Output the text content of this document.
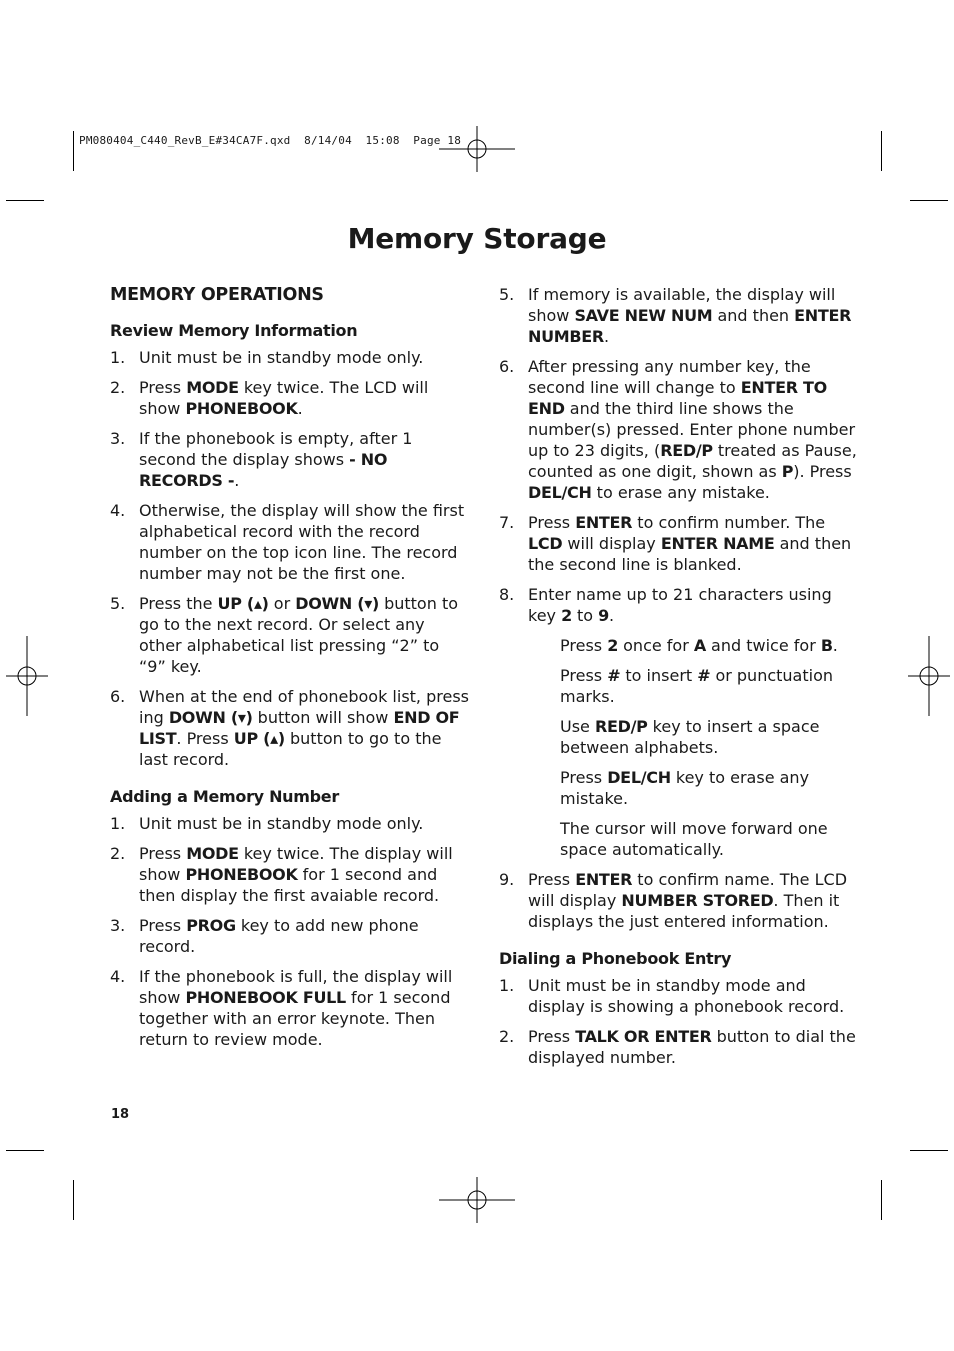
PM080404_C440_RevB_E#34CA7F.qxd  8/14/04  15:08  Page 18
Memory Storage
MEMORY OPERATIONS
Review Memory Information
1. Unit must be in standby mode only.
2. Press MODE key twice. The LCD will show PHONEBOOK.
3. If the phonebook is empty, after 1 second the display shows - NO RECORDS -.
4. Otherwise, the display will show the first alphabetical record with the record number on the top icon line. The record number may not be the first one.
5. Press the UP (▴) or DOWN (▾) button to go to the next record. Or select any other alphabetical list pressing “2” to “9” key.
6. When at the end of phonebook list, press ing DOWN (▾) button will show END OF LIST. Press UP (▴) button to go to the last record.
Adding a Memory Number
1. Unit must be in standby mode only.
2. Press MODE key twice. The display will show PHONEBOOK for 1 second and then display the first avaiable record.
3. Press PROG key to add new phone record.
4. If the phonebook is full, the display will show PHONEBOOK FULL for 1 second together with an error keynote. Then return to review mode.
5. If memory is available, the display will show SAVE NEW NUM and then ENTER NUMBER.
6. After pressing any number key, the second line will change to ENTER TO END and the third line shows the number(s) pressed. Enter phone number up to 23 digits, (RED/P treated as Pause, counted as one digit, shown as P). Press DEL/CH to erase any mistake.
7. Press ENTER to confirm number. The LCD will display ENTER NAME and then the second line is blanked.
8. Enter name up to 21 characters using key 2 to 9.
Press 2 once for A and twice for B.
Press # to insert # or punctuation marks.
Use RED/P key to insert a space between alphabets.
Press DEL/CH key to erase any mistake.
The cursor will move forward one space automatically.
9. Press ENTER to confirm name. The LCD will display NUMBER STORED. Then it displays the just entered information.
Dialing a Phonebook Entry
1. Unit must be in standby mode and display is showing a phonebook record.
2. Press TALK OR ENTER button to dial the displayed number.
18
